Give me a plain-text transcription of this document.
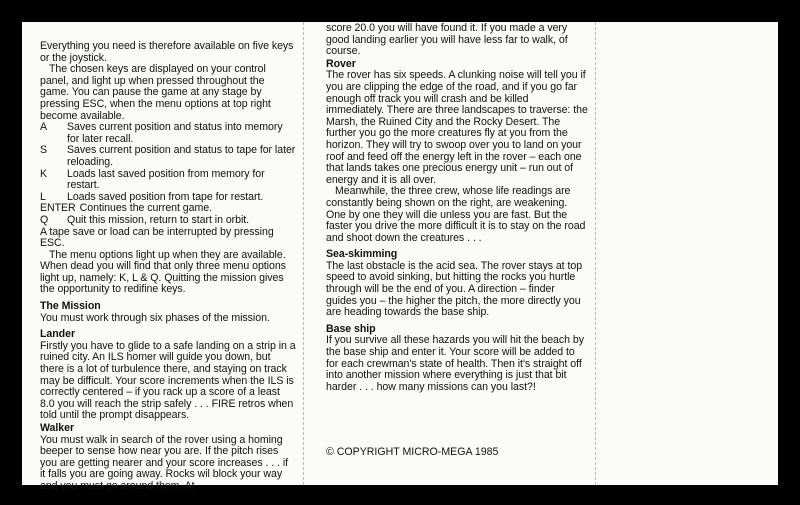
Everything you need is therefore available on five keys or the joystick.

The chosen keys are displayed on your control panel, and light up when pressed throughout the game. You can pause the game at any stage by pressing ESC, when the menu options at top right become available.

A	Saves current position and status into memory for later recall.
S	Saves current position and status to tape for later reloading.
K	Loads last saved position from memory for restart.
L	Loads saved position from tape for restart.
ENTER Continues the current game.
Q	Quit this mission, return to start in orbit.

A tape save or load can be interrupted by pressing ESC.

The menu options light up when they are available. When dead you will find that only three menu options light up, namely: K, L & Q. Quitting the mission gives the opportunity to redifine keys.

The Mission

You must work through six phases of the mission.

Lander

Firstly you have to glide to a safe landing on a strip in a ruined city. An ILS homer will guide you down, but there is a lot of turbulence there, and staying on track may be difficult. Your score increments when the ILS is correctly centered – if you rack up a score of a least 8.0 you will reach the strip safely . . . FIRE retros when told until the prompt disappears.

Walker

You must walk in search of the rover using a homing beeper to sense how near you are. If the pitch rises you are getting nearer and your score increases . . . if it falls you are going away. Rocks wil block your way and you must go around them. At

score 20.0 you will have found it. If you made a very good landing earlier you will have less far to walk, of course.

Rover

The rover has six speeds. A clunking noise will tell you if you are clipping the edge of the road, and if you go far enough off track you will crash and be killed immediately. There are three landscapes to traverse: the Marsh, the Ruined City and the Rocky Desert. The further you go the more creatures fly at you from the horizon. They will try to swoop over you to land on your roof and feed off the energy left in the rover – each one that lands takes one precious energy unit – run out of energy and it is all over.

Meanwhile, the three crew, whose life readings are constantly being shown on the right, are weakening. One by one they will die unless you are fast. But the faster you drive the more difficult it is to stay on the road and shoot down the creatures . . .

Sea-skimming

The last obstacle is the acid sea. The rover stays at top speed to avoid sinking, but hitting the rocks you hurtle through will be the end of you. A direction – finder guides you – the higher the pitch, the more directly you are heading towards the base ship.

Base ship

If you survive all these hazards you will hit the beach by the base ship and enter it. Your score will be added to for each crewman's state of health. Then it's straight off into another mission where everything is just that bit harder . . . how many missions can you last?!

© COPYRIGHT MICRO-MEGA 1985
